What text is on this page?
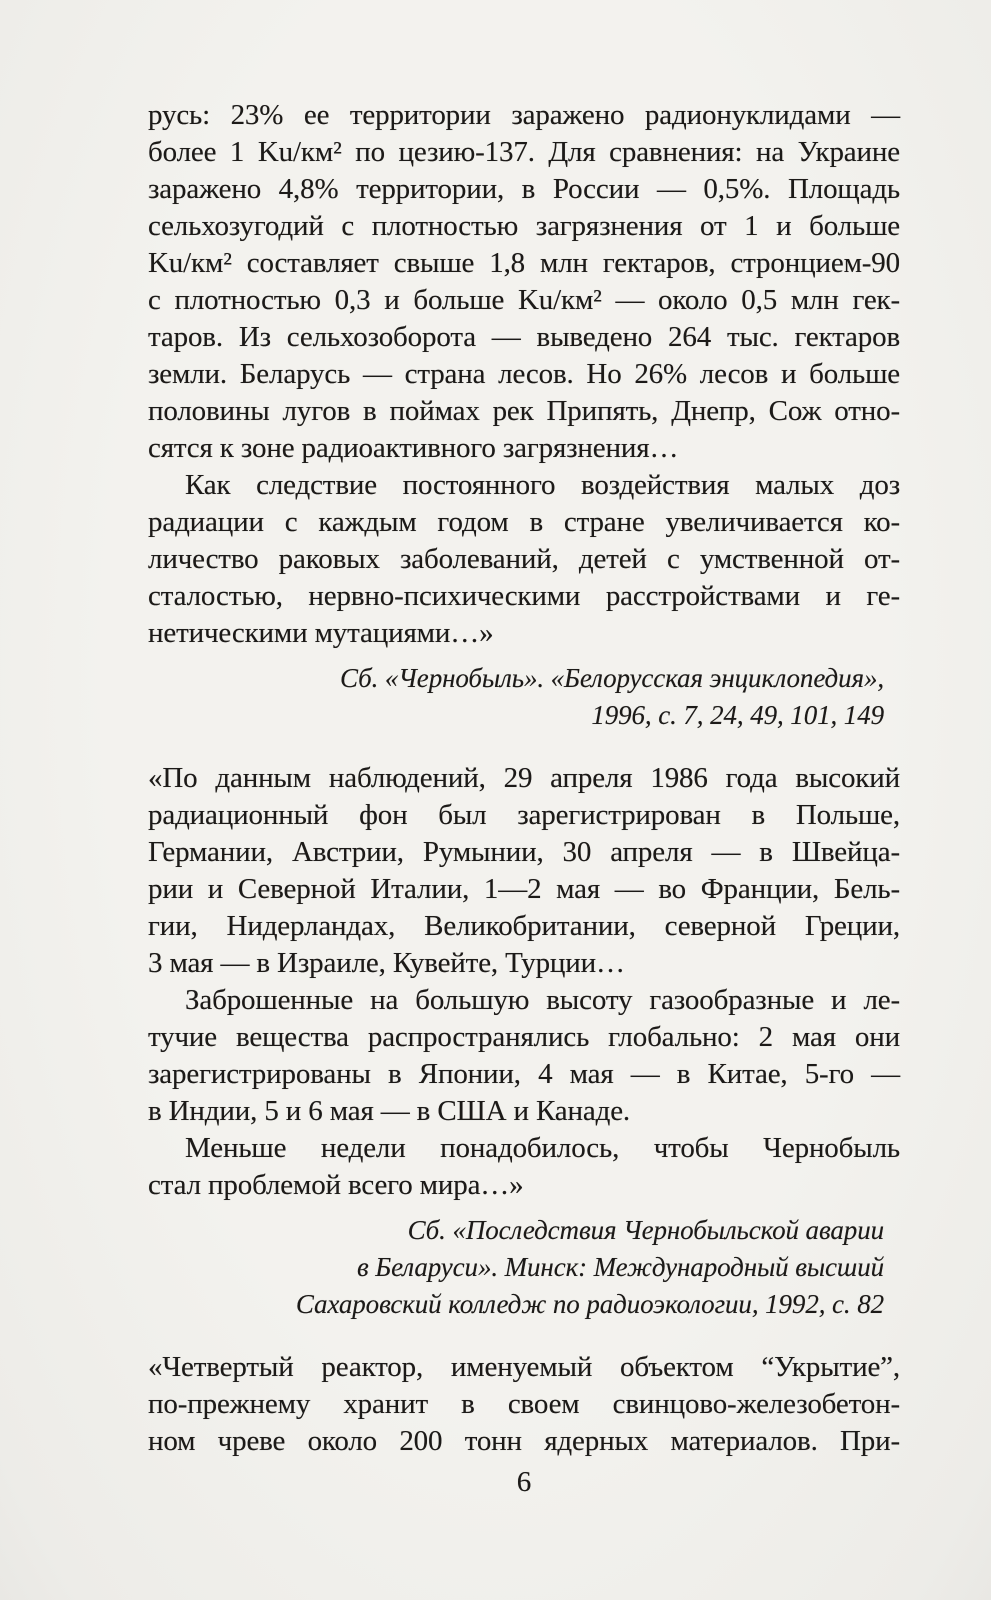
русь: 23% ее территории заражено радионуклидами —
более 1 Ku/км² по цезию-137. Для сравнения: на Украине
заражено 4,8% территории, в России — 0,5%. Площадь
сельхозугодий с плотностью загрязнения от 1 и больше
Ku/км² составляет свыше 1,8 млн гектаров, стронцием-90
с плотностью 0,3 и больше Ku/км² — около 0,5 млн гек-
таров. Из сельхозоборота — выведено 264 тыс. гектаров
земли. Беларусь — страна лесов. Но 26% лесов и больше
половины лугов в поймах рек Припять, Днепр, Сож отно-
сятся к зоне радиоактивного загрязнения…
Как следствие постоянного воздействия малых доз
радиации с каждым годом в стране увеличивается ко-
личество раковых заболеваний, детей с умственной от-
сталостью, нервно-психическими расстройствами и ге-
нетическими мутациями…»
Сб. «Чернобыль». «Белорусская энциклопедия»,
1996, с. 7, 24, 49, 101, 149
«По данным наблюдений, 29 апреля 1986 года высокий
радиационный фон был зарегистрирован в Польше,
Германии, Австрии, Румынии, 30 апреля — в Швейца-
рии и Северной Италии, 1—2 мая — во Франции, Бель-
гии, Нидерландах, Великобритании, северной Греции,
3 мая — в Израиле, Кувейте, Турции…
Заброшенные на большую высоту газообразные и ле-
тучие вещества распространялись глобально: 2 мая они
зарегистрированы в Японии, 4 мая — в Китае, 5-го —
в Индии, 5 и 6 мая — в США и Канаде.
Меньше недели понадобилось, чтобы Чернобыль
стал проблемой всего мира…»
Сб. «Последствия Чернобыльской аварии
в Беларуси». Минск: Международный высший
Сахаровский колледж по радиоэкологии, 1992, с. 82
«Четвертый реактор, именуемый объектом “Укрытие”,
по-прежнему хранит в своем свинцово-железобетон-
ном чреве около 200 тонн ядерных материалов. При-
6
